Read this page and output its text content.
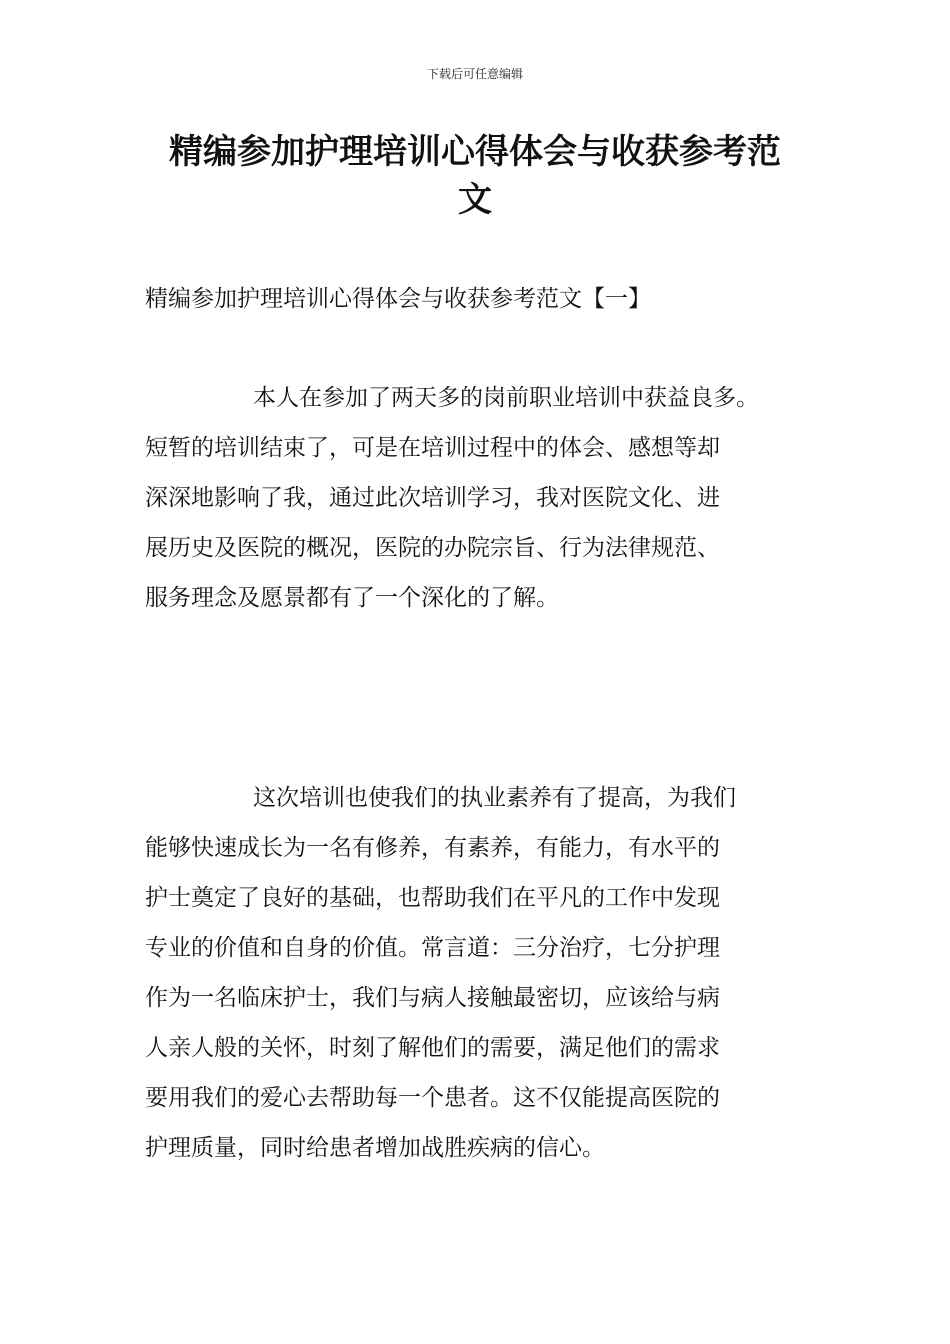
下载后可任意编辑
精编参加护理培训心得体会与收获参考范
文
精编参加护理培训心得体会与收获参考范文【一】

本人在参加了两天多的岗前职业培训中获益良多。
短暂的培训结束了，可是在培训过程中的体会、感想等却
深深地影响了我，通过此次培训学习，我对医院文化、进
展历史及医院的概况，医院的办院宗旨、行为法律规范、
服务理念及愿景都有了一个深化的了解。

这次培训也使我们的执业素养有了提高，为我们
能够快速成长为一名有修养，有素养，有能力，有水平的
护士奠定了良好的基础，也帮助我们在平凡的工作中发现
专业的价值和自身的价值。常言道：三分治疗，七分护理
作为一名临床护士，我们与病人接触最密切，应该给与病
人亲人般的关怀，时刻了解他们的需要，满足他们的需求
要用我们的爱心去帮助每一个患者。这不仅能提高医院的
护理质量，同时给患者增加战胜疾病的信心。
